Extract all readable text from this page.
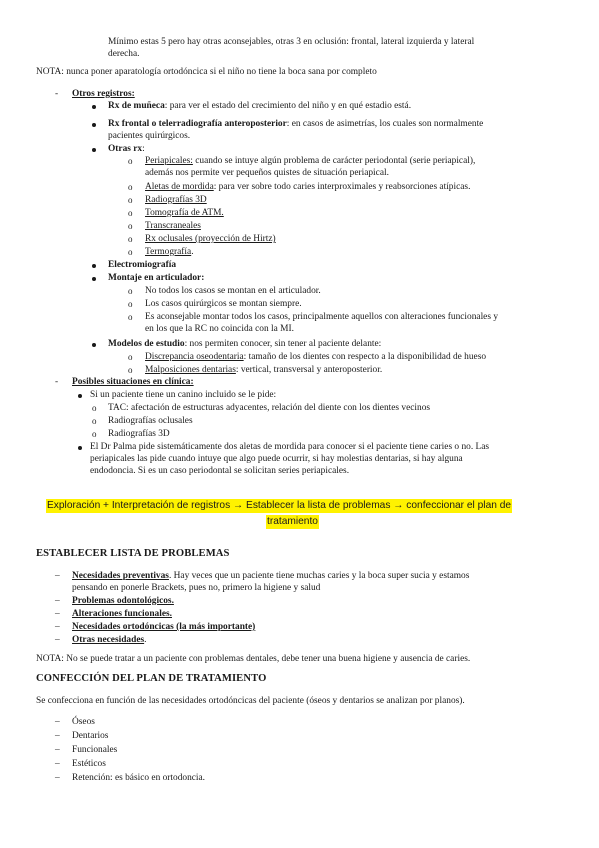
Mínimo estas 5 pero hay otras aconsejables, otras 3 en oclusión: frontal, lateral izquierda y lateral
derecha.
NOTA: nunca poner aparatología ortodóncica si el niño no tiene la boca sana por completo
- Otros registros:
Rx de muñeca: para ver el estado del crecimiento del niño y en qué estadio está.
Rx frontal o telerradiografía anteroposterior: en casos de asimetrías, los cuales son normalmente
pacientes quirúrgicos.
Otras rx:
o Periapicales: cuando se intuye algún problema de carácter periodontal (serie periapical),
además nos permite ver pequeños quistes de situación periapical.
o Aletas de mordida: para ver sobre todo caries interproximales y reabsorciones atípicas.
o Radiografías 3D
o Tomografía de ATM.
o Transcraneales
o Rx oclusales (proyección de Hirtz)
o Termografía.
Electromiografía
Montaje en articulador:
o No todos los casos se montan en el articulador.
o Los casos quirúrgicos se montan siempre.
o Es aconsejable montar todos los casos, principalmente aquellos con alteraciones funcionales y
en los que la RC no coincida con la MI.
Modelos de estudio: nos permiten conocer, sin tener al paciente delante:
o Discrepancia oseodentaria: tamaño de los dientes con respecto a la disponibilidad de hueso
o Malposiciones dentarias: vertical, transversal y anteroposterior.
- Posibles situaciones en clínica:
Si un paciente tiene un canino incluido se le pide:
o TAC: afectación de estructuras adyacentes, relación del diente con los dientes vecinos
o Radiografías oclusales
o Radiografías 3D
El Dr Palma pide sistemáticamente dos aletas de mordida para conocer si el paciente tiene caries o no. Las
periapicales las pide cuando intuye que algo puede ocurrir, si hay molestias dentarias, si hay alguna
endodoncia. Si es un caso periodontal se solicitan series periapicales.
Exploración + Interpretación de registros → Establecer la lista de problemas → confeccionar el plan de
tratamiento
ESTABLECER LISTA DE PROBLEMAS
– Necesidades preventivas. Hay veces que un paciente tiene muchas caries y la boca super sucia y estamos
pensando en ponerle Brackets, pues no, primero la higiene y salud
– Problemas odontológicos.
– Alteraciones funcionales.
– Necesidades ortodóncicas (la más importante)
– Otras necesidades.
NOTA: No se puede tratar a un paciente con problemas dentales, debe tener una buena higiene y ausencia de caries.
CONFECCIÓN DEL PLAN DE TRATAMIENTO
Se confecciona en función de las necesidades ortodóncicas del paciente (óseos y dentarios se analizan por planos).
– Óseos
– Dentarios
– Funcionales
– Estéticos
– Retención: es básico en ortodoncia.
